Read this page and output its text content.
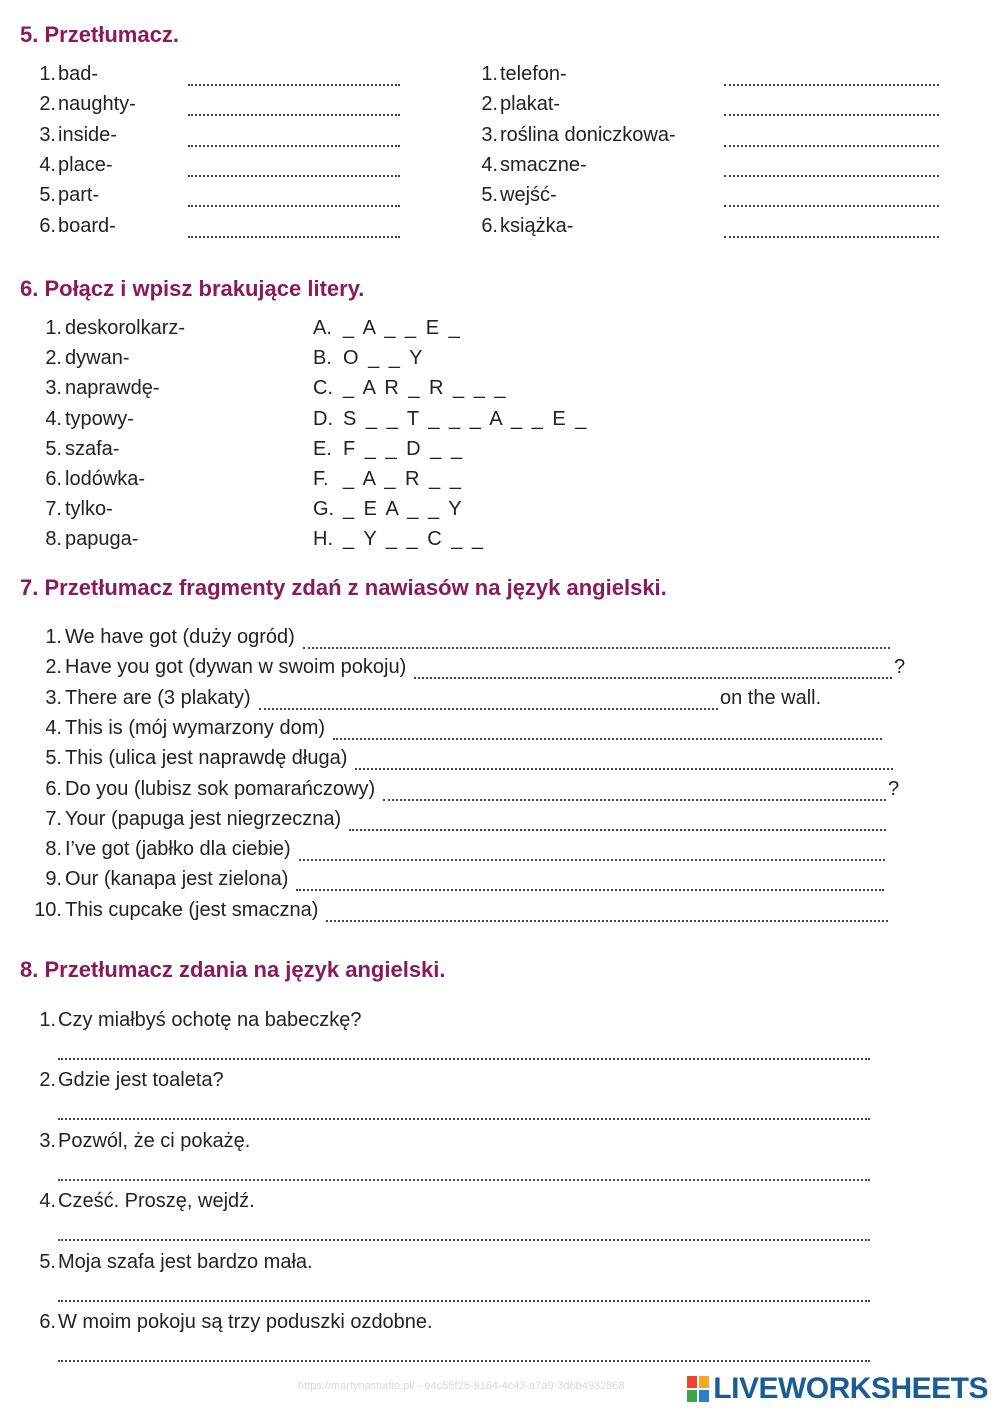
5. Przetłumacz.
1. bad-
2. naughty-
3. inside-
4. place-
5. part-
6. board-
1. telefon-
2. plakat-
3. roślina doniczkowa-
4. smaczne-
5. wejść-
6. książka-
6. Połącz i wpisz brakujące litery.
1. deskorolkarz-	A. _ A _ _ E _
2. dywan-	B. O _ _ Y
3. naprawdę-	C. _ A R _ R _ _ _
4. typowy-	D. S _ _ T _ _ _ A _ _ E _
5. szafa-	E. F _ _ D _ _
6. lodówka-	F. _ A _ R _ _
7. tylko-	G. _ E A _ _ Y
8. papuga-	H. _ Y _ _ C _ _
7. Przetłumacz fragmenty zdań z nawiasów na język angielski.
1. We have got (duży ogród)
2. Have you got (dywan w swoim pokoju)	?
3. There are (3 plakaty)	on the wall.
4. This is (mój wymarzony dom)
5. This (ulica jest naprawdę długa)
6. Do you (lubisz sok pomarańczowy)	?
7. Your (papuga jest niegrzeczna)
8. I’ve got (jabłko dla ciebie)
9. Our (kanapa jest zielona)
10. This cupcake (jest smaczna)
8. Przetłumacz zdania na język angielski.
1. Czy miałbyś ochotę na babeczkę?
2. Gdzie jest toaleta?
3. Pozwól, że ci pokażę.
4. Cześć. Proszę, wejdź.
5. Moja szafa jest bardzo mała.
6. W moim pokoju są trzy poduszki ozdobne.
https://martynastudio.pl/ - e4c55f25-9164-4c43-a7a9-3d6b4932868	LIVEWORKSHEETS
